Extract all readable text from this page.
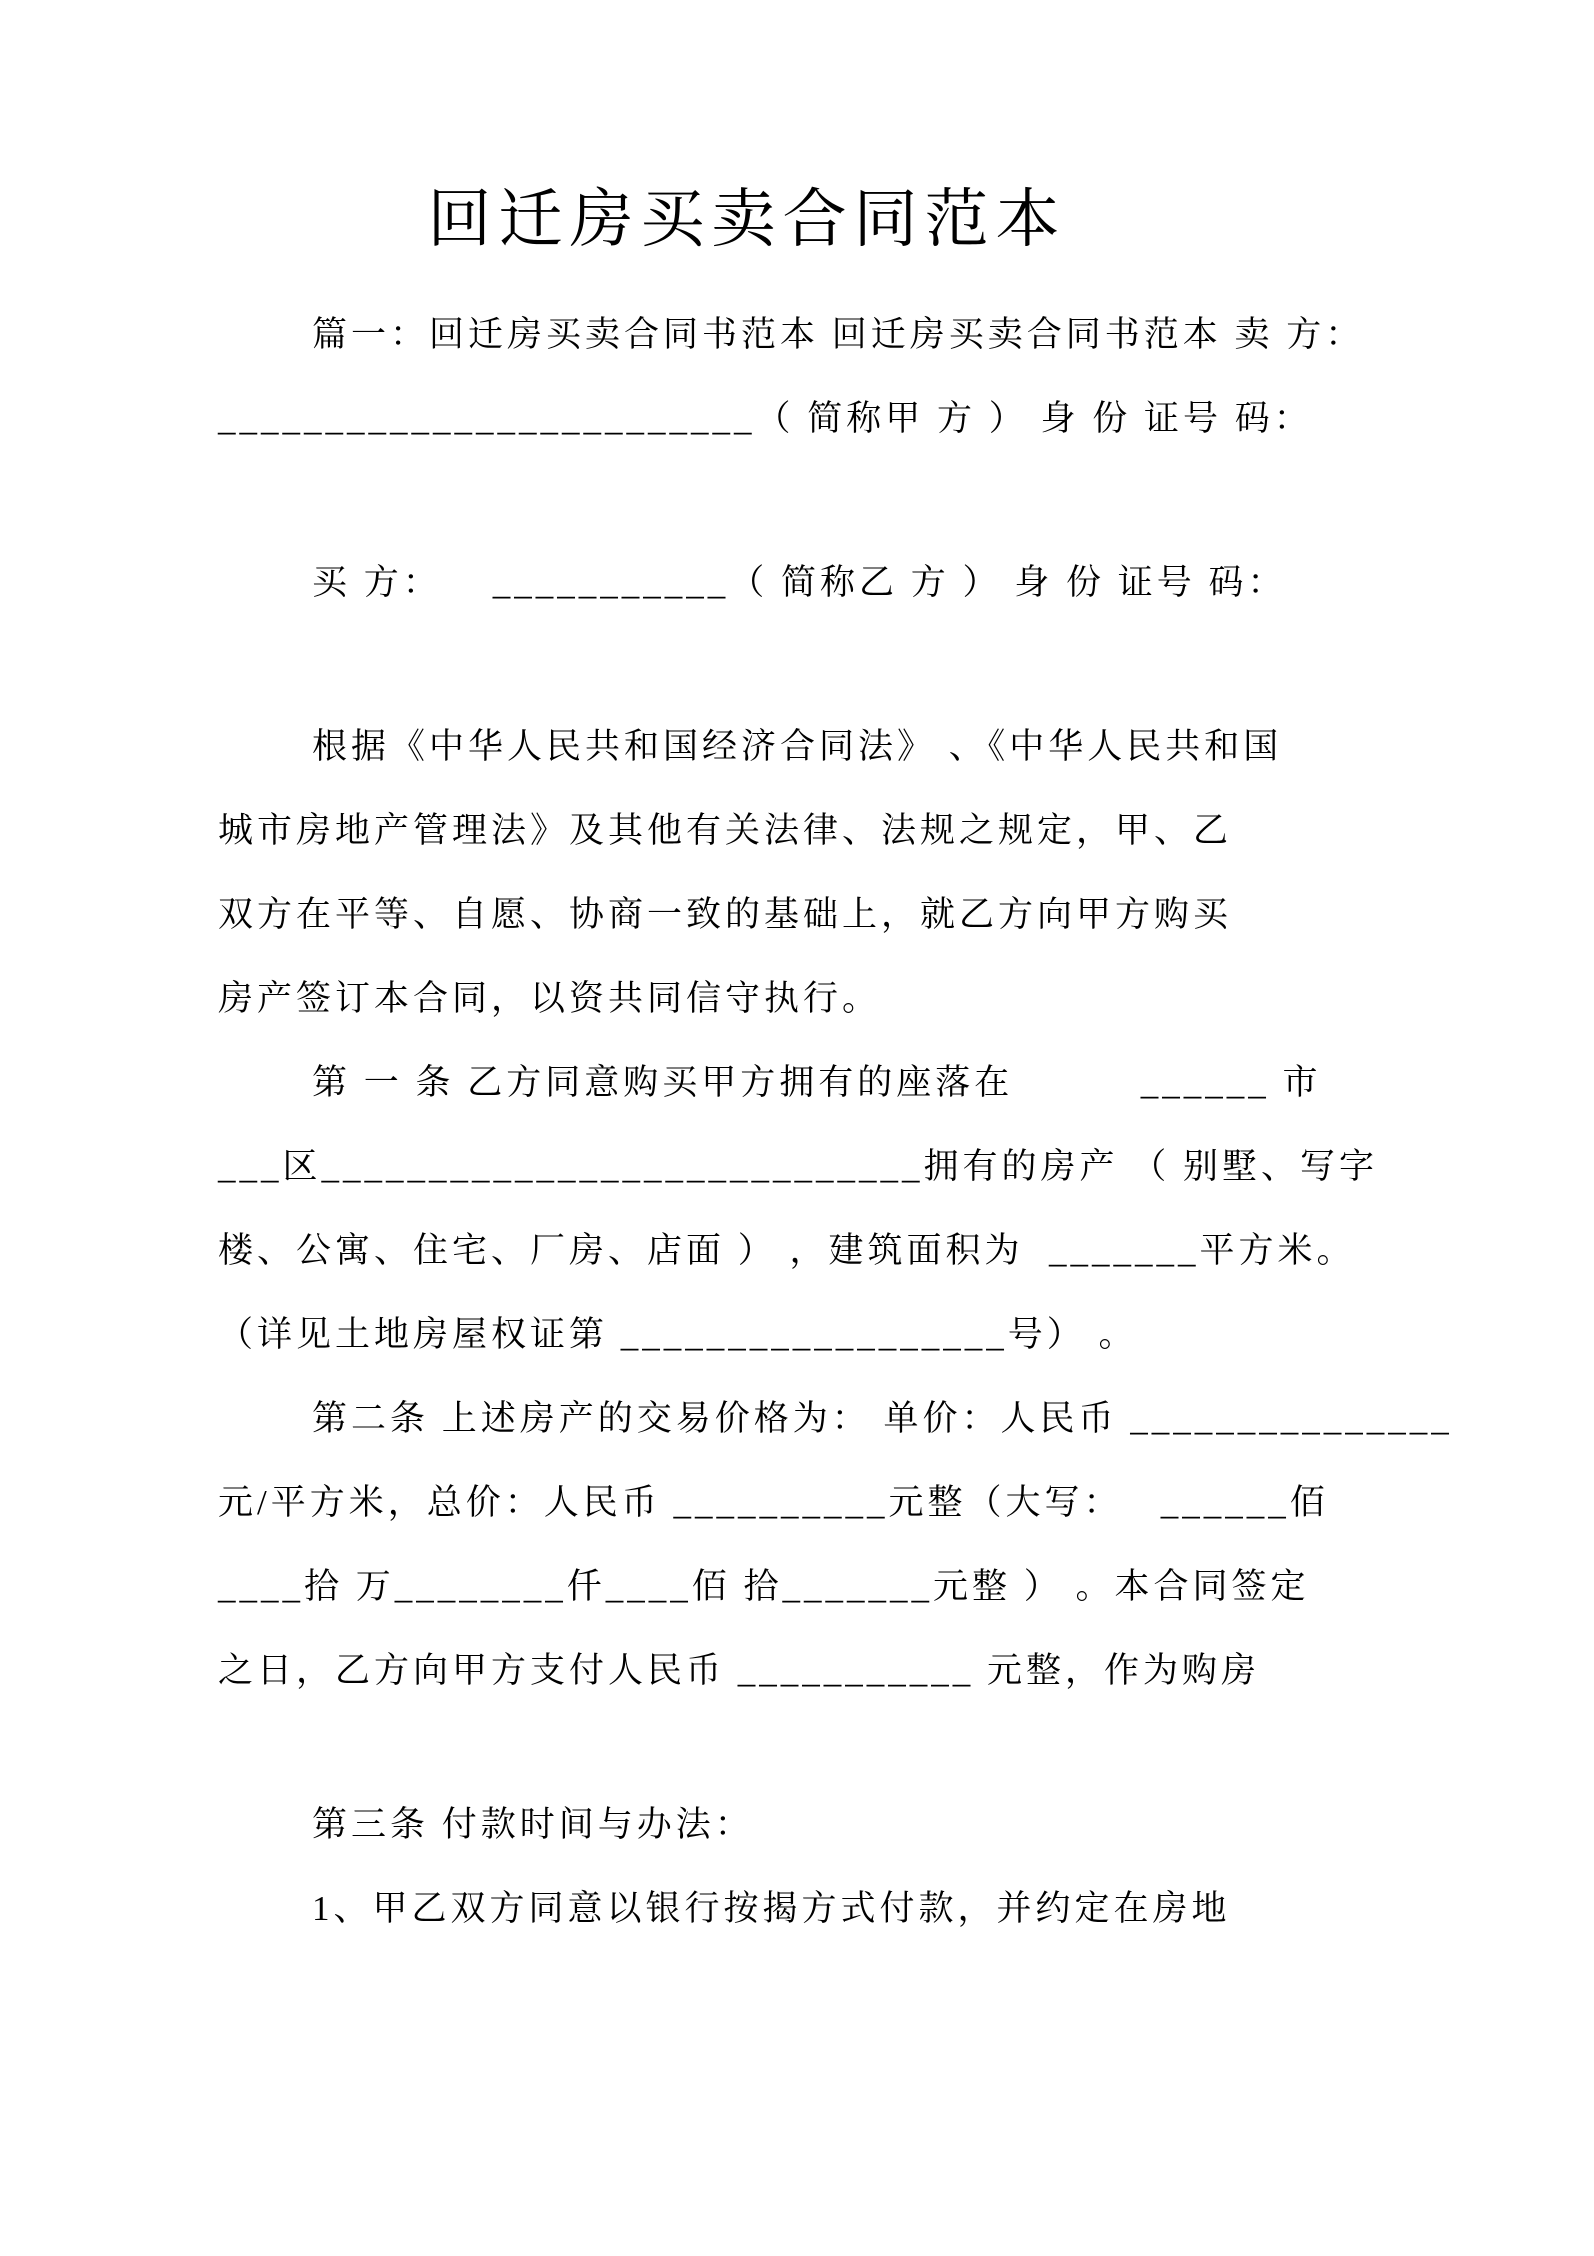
回迁房买卖合同范本
篇一：回迁房买卖合同书范本 回迁房买卖合同书范本 卖 方：
_________________________（ 简称甲 方 ） 身 份 证号 码：
买 方：    ___________（ 简称乙 方 ） 身 份 证号 码：
根据《中华人民共和国经济合同法》 、《中华人民共和国
城市房地产管理法》及其他有关法律、法规之规定，甲、乙
双方在平等、自愿、协商一致的基础上，就乙方向甲方购买
房产签订本合同，以资共同信守执行。
第 一 条 乙方同意购买甲方拥有的座落在          ______ 市
___区____________________________拥有的房产 （ 别墅、写字
楼、公寓、住宅、厂房、店面 ） ，建筑面积为  _______平方米。
（详见土地房屋权证第 __________________号） 。
第二条 上述房产的交易价格为： 单价：人民币 _______________
元/平方米，总价：人民币 __________元整（大写：   ______佰
____拾 万________仟____佰 拾_______元整 ） 。本合同签定
之日，乙方向甲方支付人民币 ___________ 元整，作为购房
第三条 付款时间与办法：
1、甲乙双方同意以银行按揭方式付款，并约定在房地
